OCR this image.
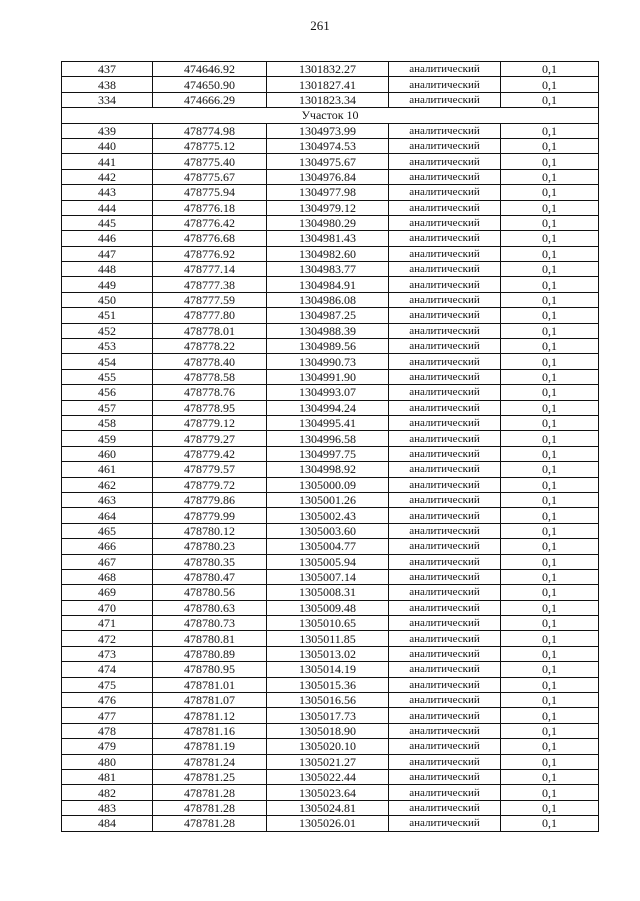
261
437	474646.92	1301832.27	аналитический	0,1
438	474650.90	1301827.41	аналитический	0,1
334	474666.29	1301823.34	аналитический	0,1
Участок 10				
439	478774.98	1304973.99	аналитический	0,1
440	478775.12	1304974.53	аналитический	0,1
441	478775.40	1304975.67	аналитический	0,1
442	478775.67	1304976.84	аналитический	0,1
443	478775.94	1304977.98	аналитический	0,1
444	478776.18	1304979.12	аналитический	0,1
445	478776.42	1304980.29	аналитический	0,1
446	478776.68	1304981.43	аналитический	0,1
447	478776.92	1304982.60	аналитический	0,1
448	478777.14	1304983.77	аналитический	0,1
449	478777.38	1304984.91	аналитический	0,1
450	478777.59	1304986.08	аналитический	0,1
451	478777.80	1304987.25	аналитический	0,1
452	478778.01	1304988.39	аналитический	0,1
453	478778.22	1304989.56	аналитический	0,1
454	478778.40	1304990.73	аналитический	0,1
455	478778.58	1304991.90	аналитический	0,1
456	478778.76	1304993.07	аналитический	0,1
457	478778.95	1304994.24	аналитический	0,1
458	478779.12	1304995.41	аналитический	0,1
459	478779.27	1304996.58	аналитический	0,1
460	478779.42	1304997.75	аналитический	0,1
461	478779.57	1304998.92	аналитический	0,1
462	478779.72	1305000.09	аналитический	0,1
463	478779.86	1305001.26	аналитический	0,1
464	478779.99	1305002.43	аналитический	0,1
465	478780.12	1305003.60	аналитический	0,1
466	478780.23	1305004.77	аналитический	0,1
467	478780.35	1305005.94	аналитический	0,1
468	478780.47	1305007.14	аналитический	0,1
469	478780.56	1305008.31	аналитический	0,1
470	478780.63	1305009.48	аналитический	0,1
471	478780.73	1305010.65	аналитический	0,1
472	478780.81	1305011.85	аналитический	0,1
473	478780.89	1305013.02	аналитический	0,1
474	478780.95	1305014.19	аналитический	0,1
475	478781.01	1305015.36	аналитический	0,1
476	478781.07	1305016.56	аналитический	0,1
477	478781.12	1305017.73	аналитический	0,1
478	478781.16	1305018.90	аналитический	0,1
479	478781.19	1305020.10	аналитический	0,1
480	478781.24	1305021.27	аналитический	0,1
481	478781.25	1305022.44	аналитический	0,1
482	478781.28	1305023.64	аналитический	0,1
483	478781.28	1305024.81	аналитический	0,1
484	478781.28	1305026.01	аналитический	0,1
